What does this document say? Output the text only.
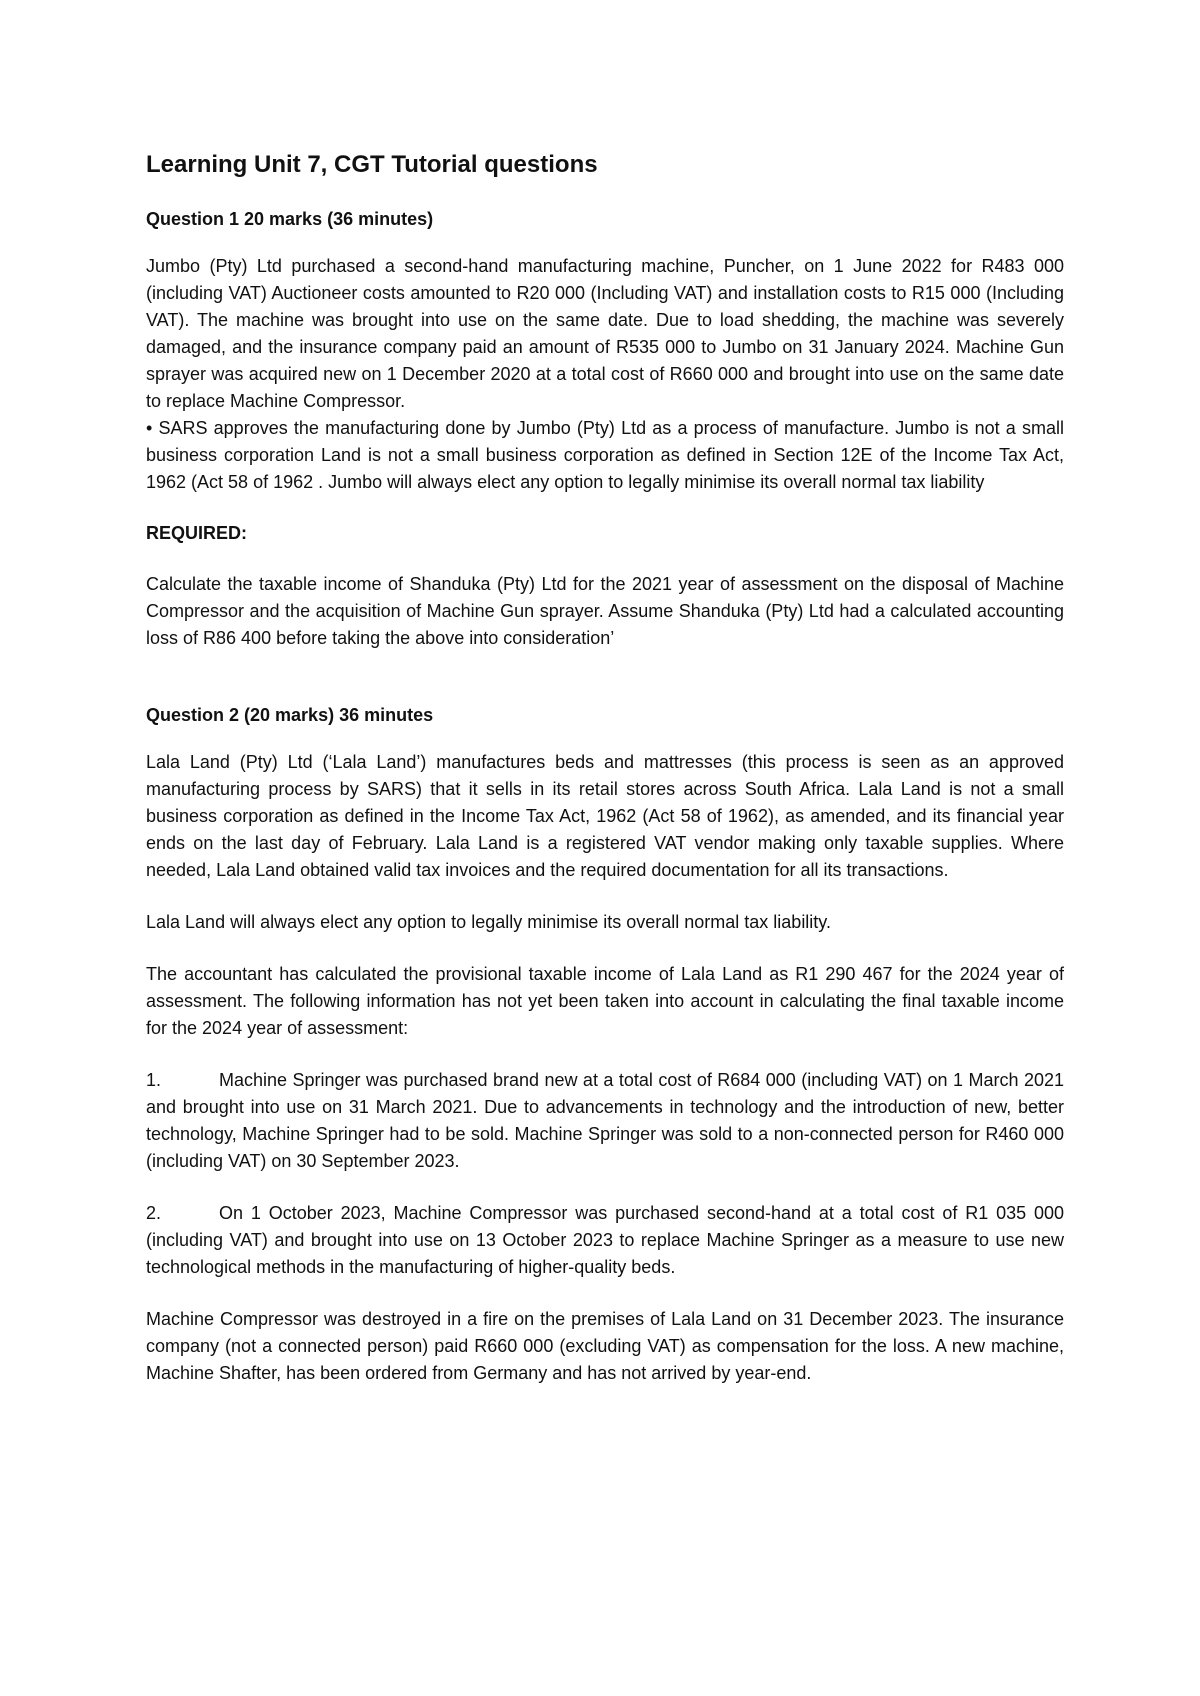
Learning Unit 7, CGT Tutorial questions
Question 1 20 marks (36 minutes)

Jumbo (Pty) Ltd purchased a second-hand manufacturing machine, Puncher, on 1 June 2022 for R483 000 (including VAT) Auctioneer costs amounted to R20 000 (Including VAT) and installation costs to R15 000 (Including VAT). The machine was brought into use on the same date. Due to load shedding, the machine was severely damaged, and the insurance company paid an amount of R535 000 to Jumbo on 31 January 2024. Machine Gun sprayer was acquired new on 1 December 2020 at a total cost of R660 000 and brought into use on the same date to replace Machine Compressor.

• SARS approves the manufacturing done by Jumbo (Pty) Ltd as a process of manufacture. Jumbo is not a small business corporation Land is not a small business corporation as defined in Section 12E of the Income Tax Act, 1962 (Act 58 of 1962 . Jumbo will always elect any option to legally minimise its overall normal tax liability

REQUIRED:

Calculate the taxable income of Shanduka (Pty) Ltd for the 2021 year of assessment on the disposal of Machine Compressor and the acquisition of Machine Gun sprayer. Assume Shanduka (Pty) Ltd had a calculated accounting loss of R86 400 before taking the above into consideration’

Question 2 (20 marks) 36 minutes

Lala Land (Pty) Ltd (‘Lala Land’) manufactures beds and mattresses (this process is seen as an approved manufacturing process by SARS) that it sells in its retail stores across South Africa. Lala Land is not a small business corporation as defined in the Income Tax Act, 1962 (Act 58 of 1962), as amended, and its financial year ends on the last day of February. Lala Land is a registered VAT vendor making only taxable supplies. Where needed, Lala Land obtained valid tax invoices and the required documentation for all its transactions.

Lala Land will always elect any option to legally minimise its overall normal tax liability.

The accountant has calculated the provisional taxable income of Lala Land as R1 290 467 for the 2024 year of assessment. The following information has not yet been taken into account in calculating the final taxable income for the 2024 year of assessment:

1.	Machine Springer was purchased brand new at a total cost of R684 000 (including VAT) on 1 March 2021 and brought into use on 31 March 2021. Due to advancements in technology and the introduction of new, better technology, Machine Springer had to be sold. Machine Springer was sold to a non-connected person for R460 000 (including VAT) on 30 September 2023.

2.	On 1 October 2023, Machine Compressor was purchased second-hand at a total cost of R1 035 000 (including VAT) and brought into use on 13 October 2023 to replace Machine Springer as a measure to use new technological methods in the manufacturing of higher-quality beds.

Machine Compressor was destroyed in a fire on the premises of Lala Land on 31 December 2023. The insurance company (not a connected person) paid R660 000 (excluding VAT) as compensation for the loss. A new machine, Machine Shafter, has been ordered from Germany and has not arrived by year-end.
